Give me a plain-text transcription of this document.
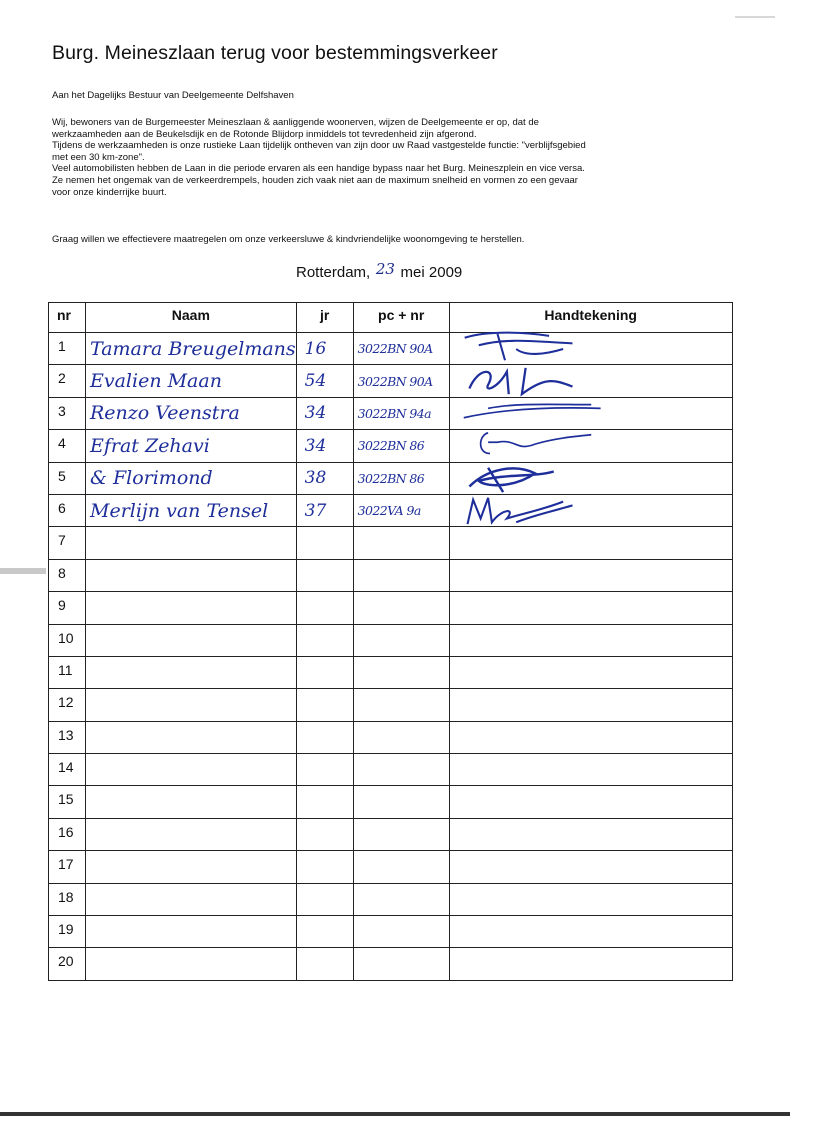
Burg. Meineszlaan terug voor bestemmingsverkeer

Aan het Dagelijks Bestuur van Deelgemeente Delfshaven

Wij, bewoners van de Burgemeester Meineszlaan & aanliggende woonerven, wijzen de Deelgemeente er op, dat de
werkzaamheden aan de Beukelsdijk en de Rotonde Blijdorp inmiddels tot tevredenheid zijn afgerond.
Tijdens de werkzaamheden is onze rustieke Laan tijdelijk ontheven van zijn door uw Raad vastgestelde functie: "verblijfsgebied
met een 30 km-zone".
Veel automobilisten hebben de Laan in die periode ervaren als een handige bypass naar het Burg. Meineszplein en vice versa.
Ze nemen het ongemak van de verkeerdrempels, houden zich vaak niet aan de maximum snelheid en vormen zo een gevaar
voor onze kinderrijke buurt.

Graag willen we effectievere maatregelen om onze verkeersluwe & kindvriendelijke woonomgeving te herstellen.

Rotterdam, 23 mei 2009
nr	Naam	jr	pc + nr	Handtekening
1	Tamara Breugelmans	16	3022BN 90A	

2	Evalien Maan	54	3022BN 90A	

3	Renzo Veenstra	34	3022BN 94a	

4	Efrat Zehavi	34	3022BN 86	

5	& Florimond	38	3022BN 86	

6	Merlijn van Tensel	37	3022VA 9a	

7				
8				
9				
10				
11				
12				
13				
14				
15				
16				
17				
18				
19				
20				
